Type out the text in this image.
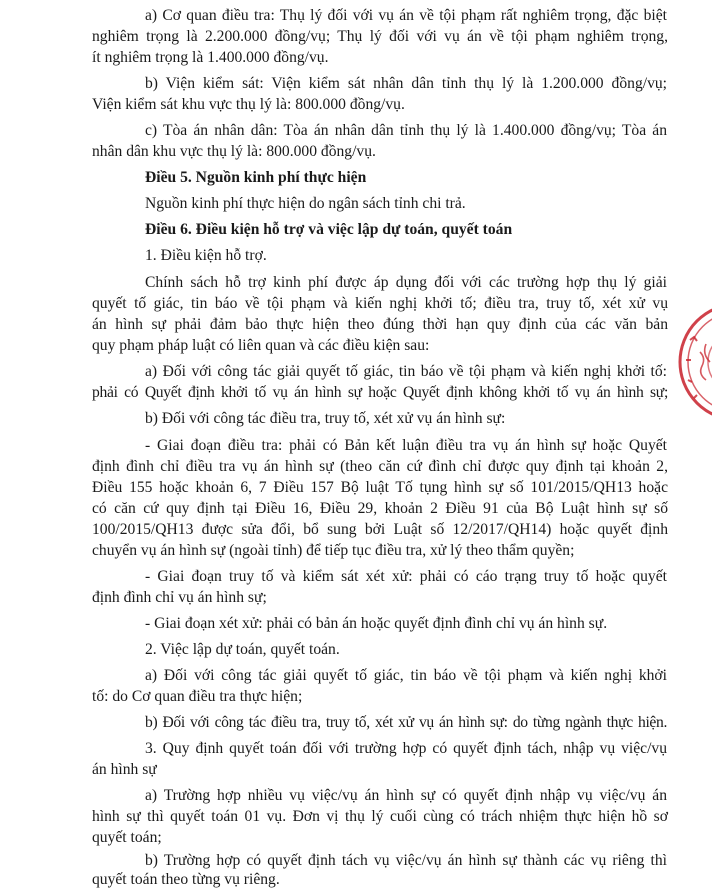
a) Cơ quan điều tra: Thụ lý đối với vụ án về tội phạm rất nghiêm trọng, đặc biệt
nghiêm trọng là 2.200.000 đồng/vụ; Thụ lý đối với vụ án về tội phạm nghiêm trọng,
ít nghiêm trọng là 1.400.000 đồng/vụ.
b) Viện kiểm sát: Viện kiểm sát nhân dân tỉnh thụ lý là 1.200.000 đồng/vụ;
Viện kiểm sát khu vực thụ lý là: 800.000 đồng/vụ.
c) Tòa án nhân dân: Tòa án nhân dân tỉnh thụ lý là 1.400.000 đồng/vụ; Tòa án
nhân dân khu vực thụ lý là: 800.000 đồng/vụ.
Điều 5. Nguồn kinh phí thực hiện
Nguồn kinh phí thực hiện do ngân sách tỉnh chi trả.
Điều 6. Điều kiện hỗ trợ và việc lập dự toán, quyết toán
1. Điều kiện hỗ trợ.
Chính sách hỗ trợ kinh phí được áp dụng đối với các trường hợp thụ lý giải
quyết tố giác, tin báo về tội phạm và kiến nghị khởi tố; điều tra, truy tố, xét xử vụ
án hình sự phải đảm bảo thực hiện theo đúng thời hạn quy định của các văn bản
quy phạm pháp luật có liên quan và các điều kiện sau:
a) Đối với công tác giải quyết tố giác, tin báo về tội phạm và kiến nghị khởi tố:
phải có Quyết định khởi tố vụ án hình sự hoặc Quyết định không khởi tố vụ án hình sự;
b) Đối với công tác điều tra, truy tố, xét xử vụ án hình sự:
- Giai đoạn điều tra: phải có Bản kết luận điều tra vụ án hình sự hoặc Quyết
định đình chỉ điều tra vụ án hình sự (theo căn cứ đình chỉ được quy định tại khoản 2,
Điều 155 hoặc khoản 6, 7 Điều 157 Bộ luật Tố tụng hình sự số 101/2015/QH13 hoặc
có căn cứ quy định tại Điều 16, Điều 29, khoản 2 Điều 91 của Bộ Luật hình sự số
100/2015/QH13 được sửa đổi, bổ sung bởi Luật số 12/2017/QH14) hoặc quyết định
chuyển vụ án hình sự (ngoài tỉnh) để tiếp tục điều tra, xử lý theo thẩm quyền;
- Giai đoạn truy tố và kiểm sát xét xử: phải có cáo trạng truy tố hoặc quyết
định đình chỉ vụ án hình sự;
- Giai đoạn xét xử: phải có bản án hoặc quyết định đình chỉ vụ án hình sự.
2. Việc lập dự toán, quyết toán.
a) Đối với công tác giải quyết tố giác, tin báo về tội phạm và kiến nghị khởi
tố: do Cơ quan điều tra thực hiện;
b) Đối với công tác điều tra, truy tố, xét xử vụ án hình sự: do từng ngành thực hiện.
3. Quy định quyết toán đối với trường hợp có quyết định tách, nhập vụ việc/vụ
án hình sự
a) Trường hợp nhiều vụ việc/vụ án hình sự có quyết định nhập vụ việc/vụ án
hình sự thì quyết toán 01 vụ. Đơn vị thụ lý cuối cùng có trách nhiệm thực hiện hồ sơ
quyết toán;
b) Trường hợp có quyết định tách vụ việc/vụ án hình sự thành các vụ riêng thì
quyết toán theo từng vụ riêng.
